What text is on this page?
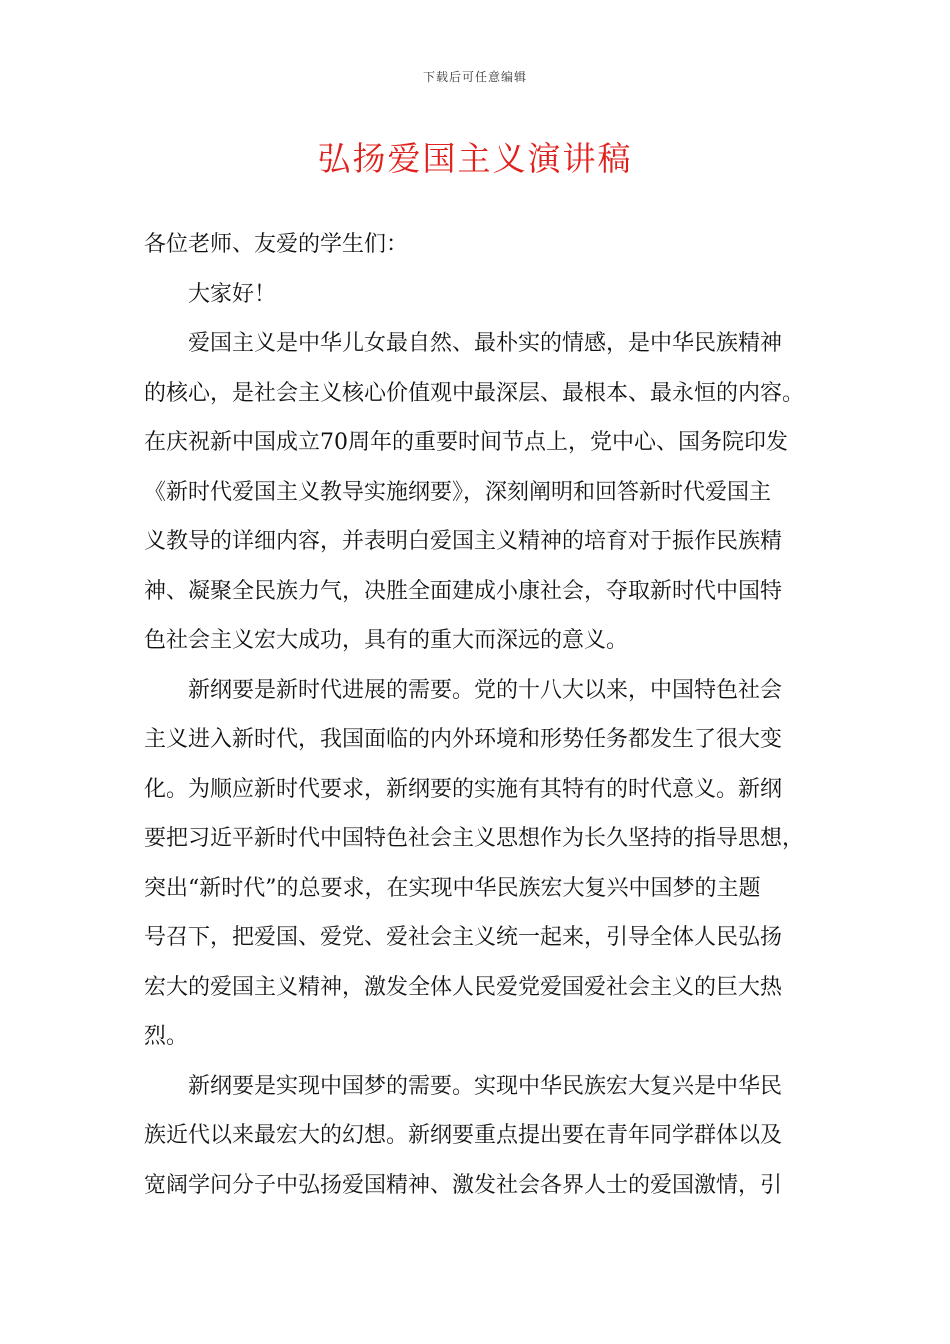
下载后可任意编辑
弘扬爱国主义演讲稿
各位老师、友爱的学生们：
大家好！
爱国主义是中华儿女最自然、最朴实的情感，是中华民族精神
的核心，是社会主义核心价值观中最深层、最根本、最永恒的内容。
在庆祝新中国成立70周年的重要时间节点上，党中心、国务院印发
《新时代爱国主义教导实施纲要》，深刻阐明和回答新时代爱国主
义教导的详细内容，并表明白爱国主义精神的培育对于振作民族精
神、凝聚全民族力气，决胜全面建成小康社会，夺取新时代中国特
色社会主义宏大成功，具有的重大而深远的意义。
新纲要是新时代进展的需要。党的十八大以来，中国特色社会
主义进入新时代，我国面临的内外环境和形势任务都发生了很大变
化。为顺应新时代要求，新纲要的实施有其特有的时代意义。新纲
要把习近平新时代中国特色社会主义思想作为长久坚持的指导思想，
突出“新时代”的总要求，在实现中华民族宏大复兴中国梦的主题
号召下，把爱国、爱党、爱社会主义统一起来，引导全体人民弘扬
宏大的爱国主义精神，激发全体人民爱党爱国爱社会主义的巨大热
烈。
新纲要是实现中国梦的需要。实现中华民族宏大复兴是中华民
族近代以来最宏大的幻想。新纲要重点提出要在青年同学群体以及
宽阔学问分子中弘扬爱国精神、激发社会各界人士的爱国激情，引
